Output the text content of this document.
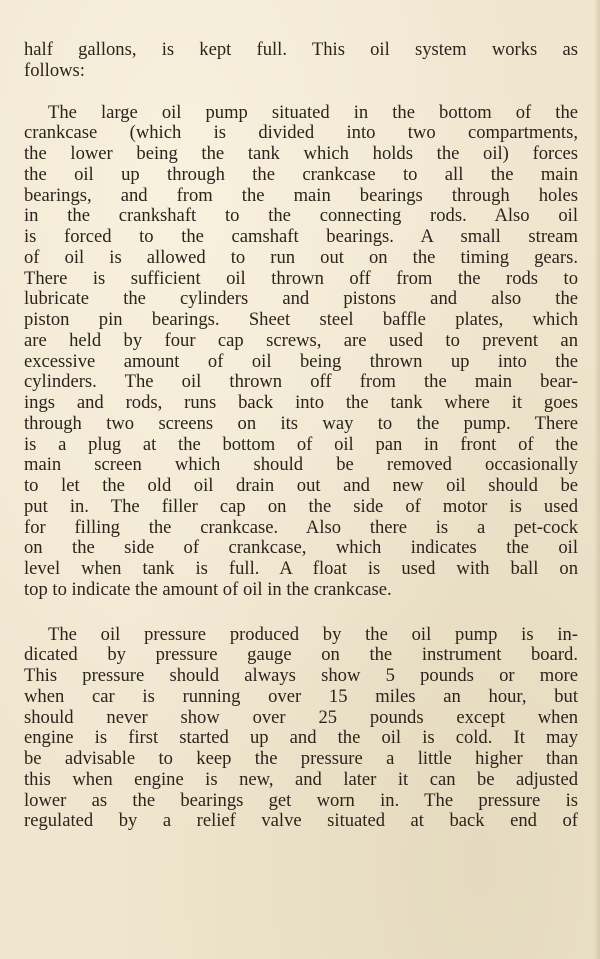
half gallons, is kept full. This oil system works as
follows:

The large oil pump situated in the bottom of the
crankcase (which is divided into two compartments,
the lower being the tank which holds the oil) forces
the oil up through the crankcase to all the main
bearings, and from the main bearings through holes
in the crankshaft to the connecting rods. Also oil
is forced to the camshaft bearings. A small stream
of oil is allowed to run out on the timing gears.
There is sufficient oil thrown off from the rods to
lubricate the cylinders and pistons and also the
piston pin bearings. Sheet steel baffle plates, which
are held by four cap screws, are used to prevent an
excessive amount of oil being thrown up into the
cylinders. The oil thrown off from the main bear-
ings and rods, runs back into the tank where it goes
through two screens on its way to the pump. There
is a plug at the bottom of oil pan in front of the
main screen which should be removed occasionally
to let the old oil drain out and new oil should be
put in. The filler cap on the side of motor is used
for filling the crankcase. Also there is a pet-cock
on the side of crankcase, which indicates the oil
level when tank is full. A float is used with ball on
top to indicate the amount of oil in the crankcase.

The oil pressure produced by the oil pump is in-
dicated by pressure gauge on the instrument board.
This pressure should always show 5 pounds or more
when car is running over 15 miles an hour, but
should never show over 25 pounds except when
engine is first started up and the oil is cold. It may
be advisable to keep the pressure a little higher than
this when engine is new, and later it can be adjusted
lower as the bearings get worn in. The pressure is
regulated by a relief valve situated at back end of
